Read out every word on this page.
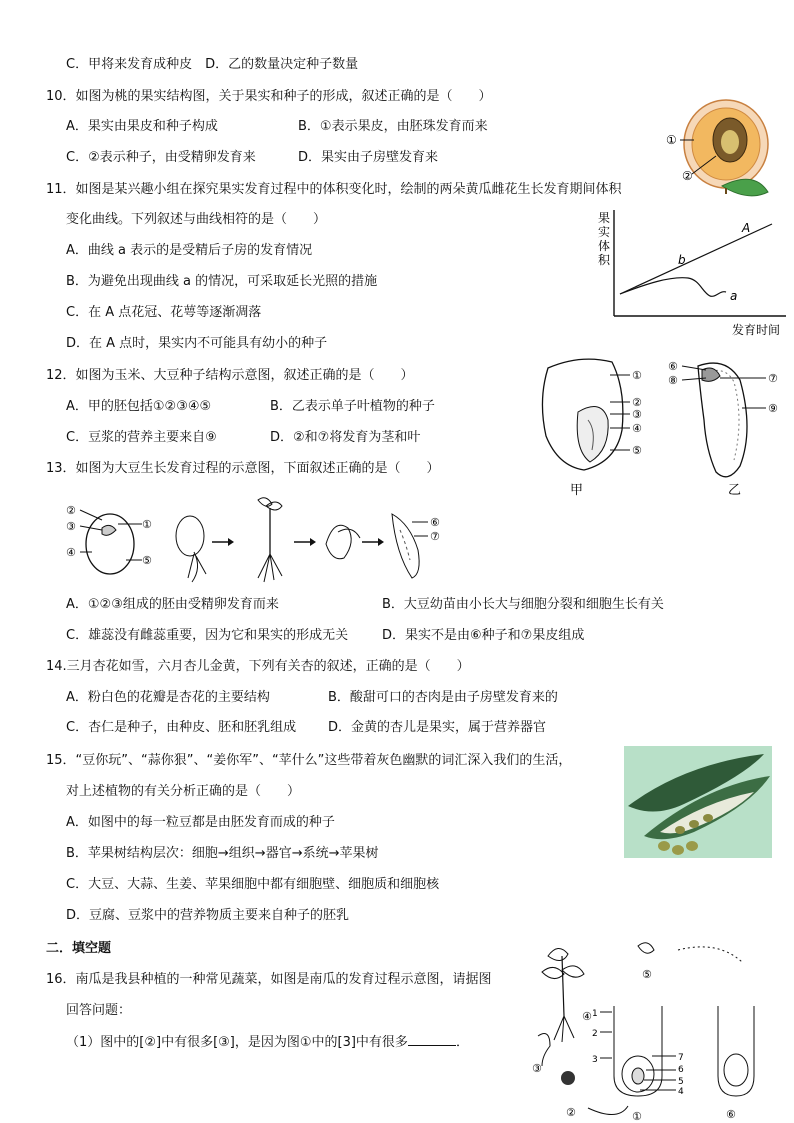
C．甲将来发育成种皮　D．乙的数量决定种子数量
10．如图为桃的果实结构图，关于果实和种子的形成，叙述正确的是（　　）
A．果实由果皮和种子构成	B．①表示果皮，由胚珠发育而来
C．②表示种子，由受精卵发育来	D．果实由子房壁发育来
①
②
11．如图是某兴趣小组在探究果实发育过程中的体积变化时，绘制的两朵黄瓜雌花生长发育期间体积
变化曲线。下列叙述与曲线相符的是（　　）
A．曲线 a 表示的是受精后子房的发育情况
B．为避免出现曲线 a 的情况，可采取延长光照的措施
C．在 A 点花冠、花萼等逐渐凋落
D．在 A 点时，果实内不可能具有幼小的种子
果
实
体
积
A
b
a
发育时间
12．如图为玉米、大豆种子结构示意图，叙述正确的是（　　）
A．甲的胚包括①②③④⑤	B．乙表示单子叶植物的种子
C．豆浆的营养主要来自⑨	D．②和⑦将发育为茎和叶
①
②
③
④
⑤
甲
⑥
⑧	⑦
⑨
乙
13．如图为大豆生长发育过程的示意图，下面叙述正确的是（　　）
②
③	①
④
⑤
⑥
⑦
A．①②③组成的胚由受精卵发育而来	B．大豆幼苗由小长大与细胞分裂和细胞生长有关
C．雄蕊没有雌蕊重要，因为它和果实的形成无关	D．果实不是由⑥种子和⑦果皮组成
14.三月杏花如雪，六月杏儿金黄，下列有关杏的叙述，正确的是（　　）
A．粉白色的花瓣是杏花的主要结构	B．酸甜可口的杏肉是由子房壁发育来的
C．杏仁是种子，由种皮、胚和胚乳组成 D．金黄的杏儿是果实，属于营养器官
15．“豆你玩”、“蒜你狠”、“姜你军”、“苹什么”这些带着灰色幽默的词汇深入我们的生活，
对上述植物的有关分析正确的是（　　）
A．如图中的每一粒豆都是由胚发育而成的种子
B．苹果树结构层次：细胞→组织→器官→系统→苹果树
C．大豆、大蒜、生姜、苹果细胞中都有细胞壁、细胞质和细胞核
D．豆腐、豆浆中的营养物质主要来自种子的胚乳
二．填空题
16．南瓜是我县种植的一种常见蔬菜，如图是南瓜的发育过程示意图，请据图
回答问题：
（1）图中的[②]中有很多[③]，是因为图①中的[3]中有很多	．
④
⑤
1
2
3
4
5
6
7
⑥
③
②	①
